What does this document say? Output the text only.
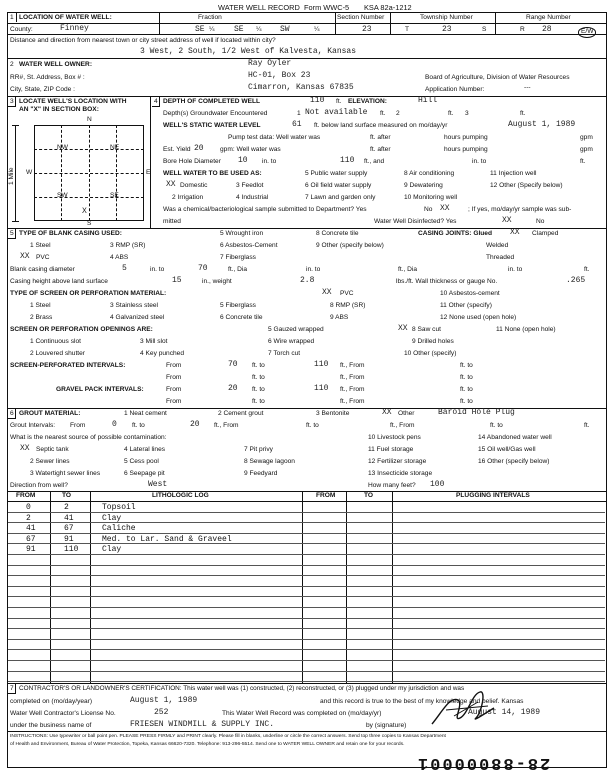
WATER WELL RECORD Form WWC-5 KSA 82a-1212
1 LOCATION OF WATER WELL:	Fraction	Section Number	Township Number	Range Number
County:	Finney	SE ¼ SE ¼ SW	¼	23	T	23	S	R 28	E/W
Distance and direction from nearest town or city street address of well if located within city?
3 West, 2 South, 1/2 West of Kalvesta, Kansas
2 WATER WELL OWNER:	Ray Oyler
RR#, St. Address, Box # :	HC-01, Box 23	Board of Agriculture, Division of Water Resources
City, State, ZIP Code :	Cimarron, Kansas 67835	Application Number:	---
3 LOCATE WELL'S LOCATION WITH
AN "X" IN SECTION BOX:
N
NW	NE
SW	SE
W	E
S
X
1 Mile
4 DEPTH OF COMPLETED WELL	110 ft. ELEVATION:	Hill
Depth(s) Groundwater Encountered	1 Not available ft. 2	ft. 3	ft.
WELL'S STATIC WATER LEVEL	61 ft. below land surface measured on mo/day/yr	August 1, 1989
Pump test data: Well water was	ft. after	hours pumping	gpm
Est. Yield 20 gpm: Well water was	ft. after	hours pumping	gpm
Bore Hole Diameter 10 in. to	110 ft., and	in. to	ft.
WELL WATER TO BE USED AS:	5 Public water supply	8 Air conditioning	11 Injection well
XX Domestic	3 Feedlot	6 Oil field water supply	9 Dewatering	12 Other (Specify below)
2 Irrigation	4 Industrial	7 Lawn and garden only	10 Monitoring well
Was a chemical/bacteriological sample submitted to Department? Yes	XX
No	; If yes, mo/day/yr sample was sub-
mitted	Water Well Disinfected? Yes	XX	No
5 TYPE OF BLANK CASING USED:	5 Wrought iron	8 Concrete tile	CASING JOINTS: Glued XX Clamped
1 Steel	3 RMP (SR)	6 Asbestos-Cement	9 Other (specify below)	Welded
XX PVC	4 ABS	7 Fiberglass	Threaded
Blank casing diameter	5	in. to	70	ft., Dia	in. to	ft., Dia	in. to	ft.
Casing height above land surface	15	in., weight	2.8	lbs./ft. Wall thickness or gauge No.	.265
TYPE OF SCREEN OR PERFORATION MATERIAL:	XX PVC	10 Asbestos-cement
1 Steel	3 Stainless steel	5 Fiberglass	8 RMP (SR)	11 Other (specify)
2 Brass	4 Galvanized steel	6 Concrete tile	9 ABS	12 None used (open hole)
SCREEN OR PERFORATION OPENINGS ARE:	5 Gauzed wrapped	XX 8 Saw cut	11 None (open hole)
1 Continuous slot	3 Mill slot	6 Wire wrapped	9 Drilled holes
2 Louvered shutter	4 Key punched	7 Torch cut	10 Other (specify)
SCREEN-PERFORATED INTERVALS:	From	70 ft. to	110 ft., From	ft. to
From	ft. to	ft., From	ft. to
GRAVEL PACK INTERVALS:	From	20 ft. to	110 ft., From	ft. to
From	ft. to	ft., From	ft. to
6 GROUT MATERIAL:	1 Neat cement	2 Cement grout	3 Bentonite	XX Other	Baroid Hole Plug
Grout Intervals: From	0 ft. to	20 ft., From	ft. to	ft., From	ft. to	ft.
What is the nearest source of possible contamination:	10 Livestock pens	14 Abandoned water well
XX Septic tank	4 Lateral lines	7 Pit privy	11 Fuel storage	15 Oil well/Gas well
2 Sewer lines	5 Cess pool	8 Sewage lagoon	12 Fertilizer storage	16 Other (specify below)
3 Watertight sewer lines	6 Seepage pit	9 Feedyard	13 Insecticide storage
Direction from well?	West	How many feet? 100
FROM	TO	LITHOLOGIC LOG	FROM	TO	PLUGGING INTERVALS
0	2	Topsoil
2	41	Clay
41	67	Caliche
67	91	Med. to Lar. Sand & Graveel
91	110	Clay
7 CONTRACTOR'S OR LANDOWNER'S CERTIFICATION: This water well was (1) constructed, (2) reconstructed, or (3) plugged under my jurisdiction and was
completed on (mo/day/year)	August 1, 1989	and this record is true to the best of my knowledge and belief. Kansas
Water Well Contractor's License No.	252	This Water Well Record was completed on (mo/day/yr)	August 14, 1989
under the business name of	FRIESEN WINDMILL & SUPPLY INC.	by (signature)
INSTRUCTIONS: Use typewriter or ball point pen. PLEASE PRESS FIRMLY and PRINT clearly. Please fill in blanks, underline or circle the correct answers. Send top three copies to Kansas Department
of Health and Environment, Bureau of Water Protection, Topeka, Kansas 66620-7320. Telephone: 913-296-5514. Send one to WATER WELL OWNER and retain one for your records.
28-88000001
